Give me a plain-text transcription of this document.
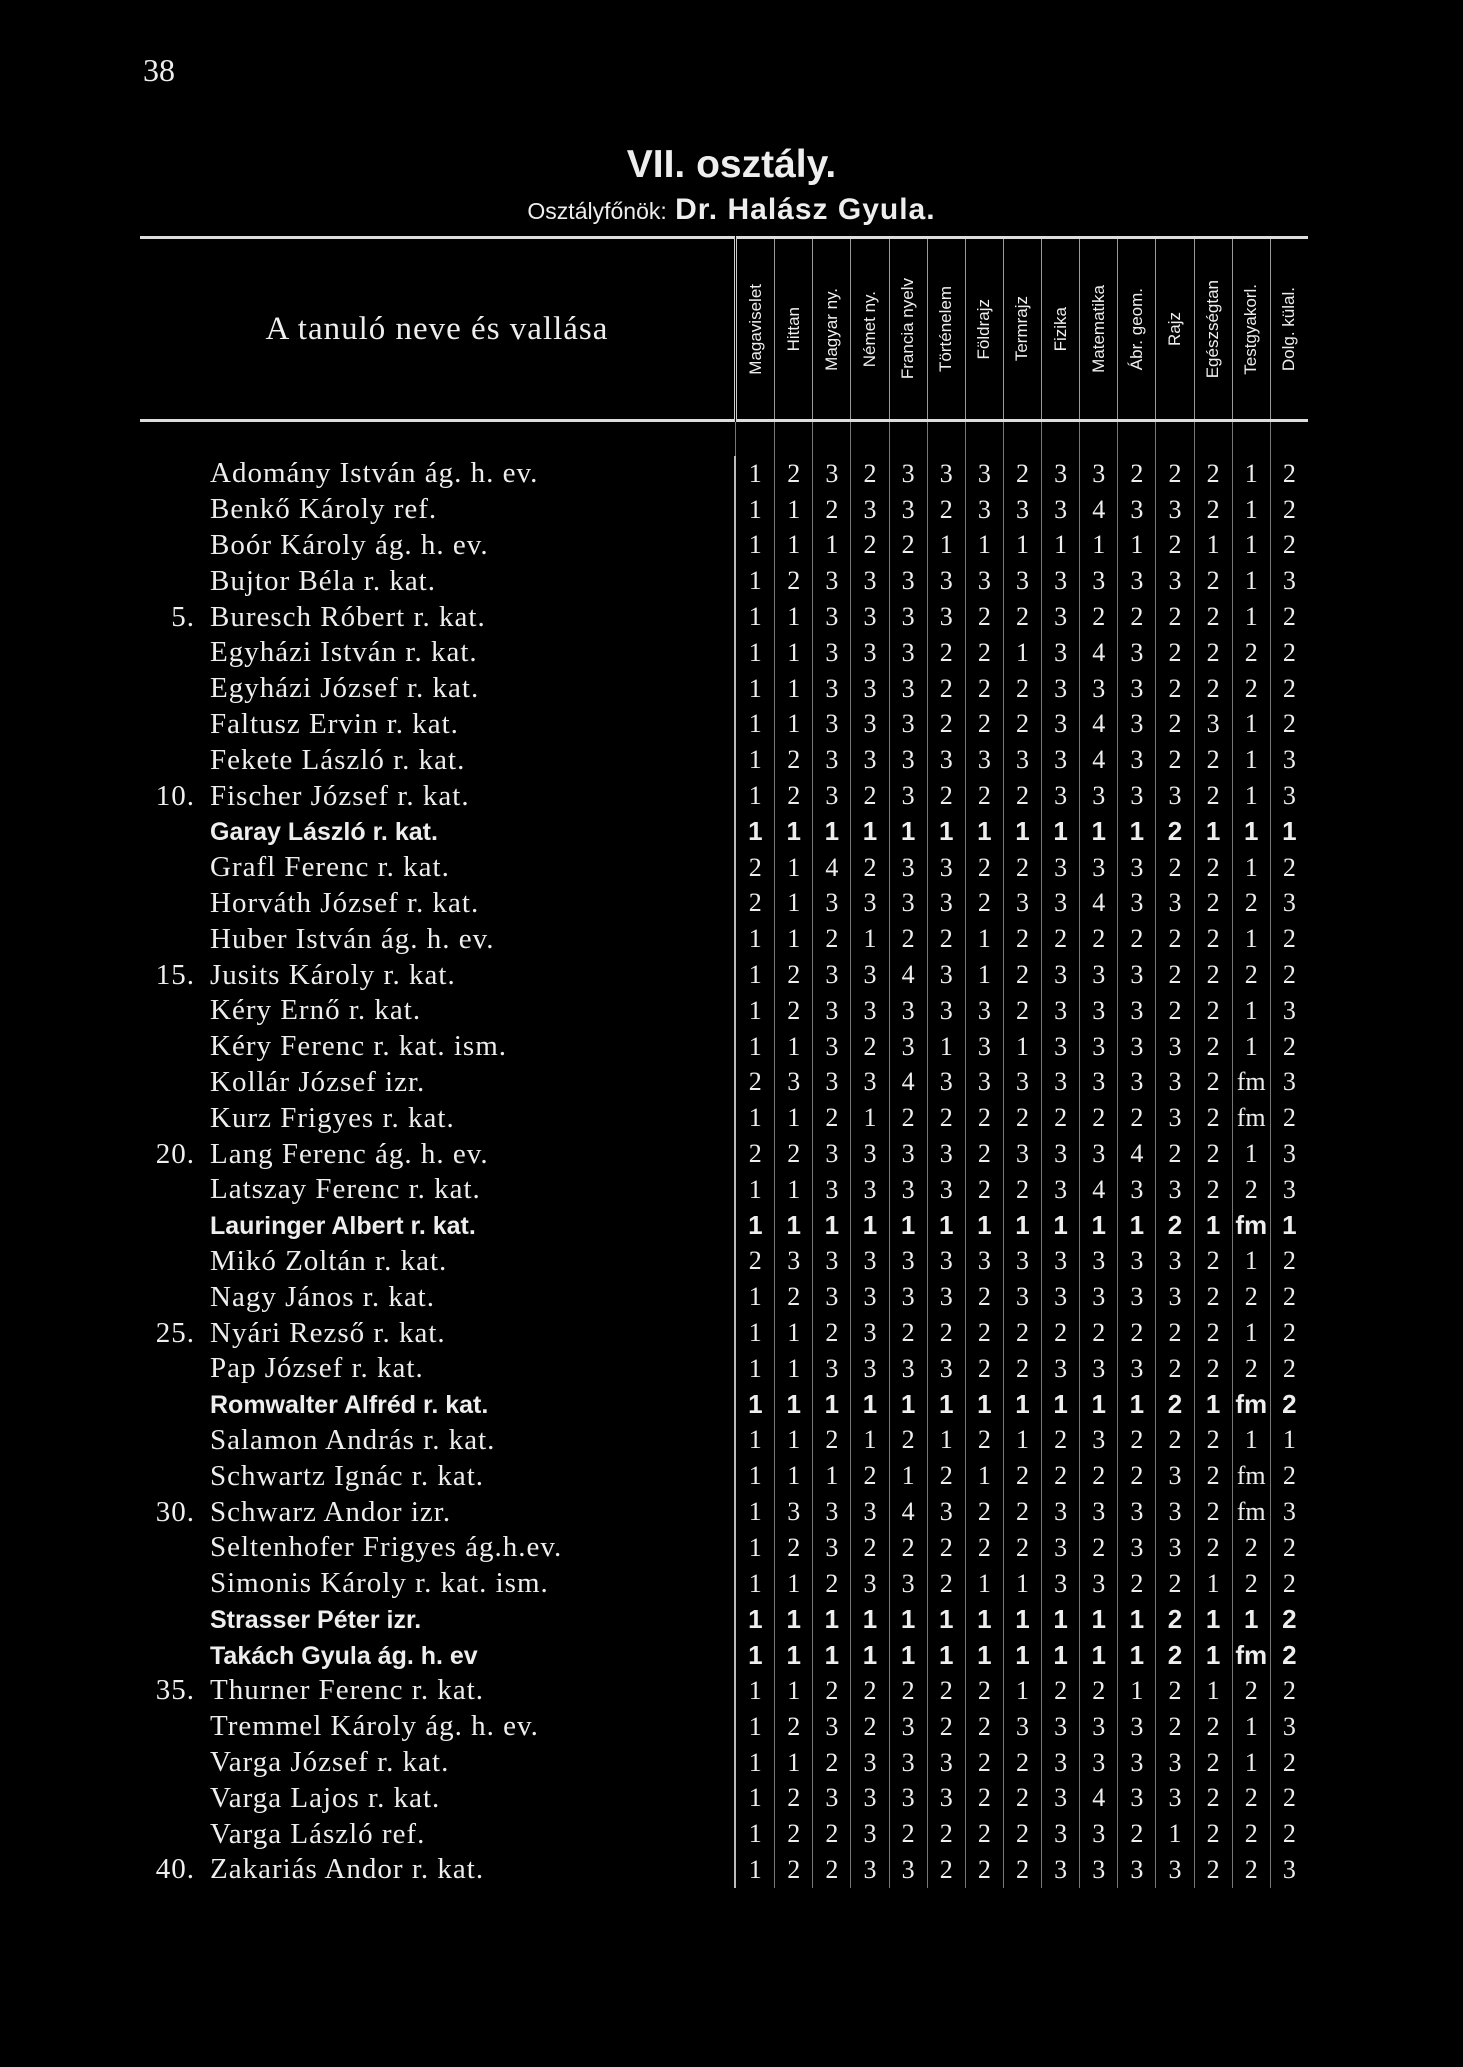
38
VII. osztály.
Osztályfőnök: Dr. Halász Gyula.
A tanuló neve és vallása	Magaviselet	Hittan	Magyar ny.	Német ny.	Francia nyelv	Történelem	Földrajz	Termrajz	Fizika	Matematika	Ábr. geom.	Rajz	Egészségtan	Testgyakorl.	Dolg. külal.

Adomány István ág. h. ev.	1	2	3	2	3	3	3	2	3	3	2	2	2	1	2

Benkő Károly ref.	1	1	2	3	3	2	3	3	3	4	3	3	2	1	2

Boór Károly ág. h. ev.	1	1	1	2	2	1	1	1	1	1	1	2	1	1	2

Bujtor Béla r. kat.	1	2	3	3	3	3	3	3	3	3	3	3	2	1	3

5. Buresch Róbert r. kat.	1	1	3	3	3	3	2	2	3	2	2	2	2	1	2

Egyházi István r. kat.	1	1	3	3	3	2	2	1	3	4	3	2	2	2	2

Egyházi József r. kat.	1	1	3	3	3	2	2	2	3	3	3	2	2	2	2

Faltusz Ervin r. kat.	1	1	3	3	3	2	2	2	3	4	3	2	3	1	2

Fekete László r. kat.	1	2	3	3	3	3	3	3	3	4	3	2	2	1	3

10. Fischer József r. kat.	1	2	3	2	3	2	2	2	3	3	3	3	2	1	3

Garay László r. kat.	1	1	1	1	1	1	1	1	1	1	1	2	1	1	1

Grafl Ferenc r. kat.	2	1	4	2	3	3	2	2	3	3	3	2	2	1	2

Horváth József r. kat.	2	1	3	3	3	3	2	3	3	4	3	3	2	2	3

Huber István ág. h. ev.	1	1	2	1	2	2	1	2	2	2	2	2	2	1	2

15. Jusits Károly r. kat.	1	2	3	3	4	3	1	2	3	3	3	2	2	2	2

Kéry Ernő r. kat.	1	2	3	3	3	3	3	2	3	3	3	2	2	1	3

Kéry Ferenc r. kat. ism.	1	1	3	2	3	1	3	1	3	3	3	3	2	1	2

Kollár József izr.	2	3	3	3	4	3	3	3	3	3	3	3	2	fm	3

Kurz Frigyes r. kat.	1	1	2	1	2	2	2	2	2	2	2	3	2	fm	2

20. Lang Ferenc ág. h. ev.	2	2	3	3	3	3	2	3	3	3	4	2	2	1	3

Latszay Ferenc r. kat.	1	1	3	3	3	3	2	2	3	4	3	3	2	2	3

Lauringer Albert r. kat.	1	1	1	1	1	1	1	1	1	1	1	2	1	fm	1

Mikó Zoltán r. kat.	2	3	3	3	3	3	3	3	3	3	3	3	2	1	2

Nagy János r. kat.	1	2	3	3	3	3	2	3	3	3	3	3	2	2	2

25. Nyári Rezső r. kat.	1	1	2	3	2	2	2	2	2	2	2	2	2	1	2

Pap József r. kat.	1	1	3	3	3	3	2	2	3	3	3	2	2	2	2

Romwalter Alfréd r. kat.	1	1	1	1	1	1	1	1	1	1	1	2	1	fm	2

Salamon András r. kat.	1	1	2	1	2	1	2	1	2	3	2	2	2	1	1

Schwartz Ignác r. kat.	1	1	1	2	1	2	1	2	2	2	2	3	2	fm	2

30. Schwarz Andor izr.	1	3	3	3	4	3	2	2	3	3	3	3	2	fm	3

Seltenhofer Frigyes ág.h.ev.	1	2	3	2	2	2	2	2	3	2	3	3	2	2	2

Simonis Károly r. kat. ism.	1	1	2	3	3	2	1	1	3	3	2	2	1	2	2

Strasser Péter izr.	1	1	1	1	1	1	1	1	1	1	1	2	1	1	2

Takách Gyula ág. h. ev	1	1	1	1	1	1	1	1	1	1	1	2	1	fm	2

35. Thurner Ferenc r. kat.	1	1	2	2	2	2	2	1	2	2	1	2	1	2	2

Tremmel Károly ág. h. ev.	1	2	3	2	3	2	2	3	3	3	3	2	2	1	3

Varga József r. kat.	1	1	2	3	3	3	2	2	3	3	3	3	2	1	2

Varga Lajos r. kat.	1	2	3	3	3	3	2	2	3	4	3	3	2	2	2

Varga László ref.	1	2	2	3	2	2	2	2	3	3	2	1	2	2	2

40. Zakariás Andor r. kat.	1	2	2	3	3	2	2	2	3	3	3	3	2	2	3
